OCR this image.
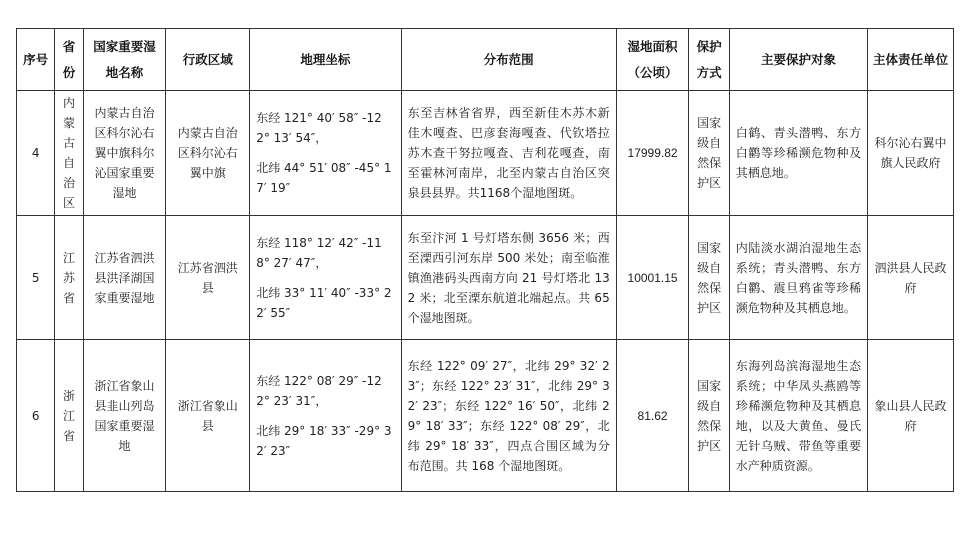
序号	省份	国家重要湿地名称	行政区域	地理坐标	分布范围	湿地面积（公顷）	保护方式	主要保护对象	主体责任单位
4	内蒙古自治区	内蒙古自治区科尔沁右翼中旗科尔沁国家重要湿地	内蒙古自治区科尔沁右翼中旗	东经 121° 40′ 58″ -122° 13′ 54″，
北纬 44° 51′ 08″ -45° 17′ 19″	东至吉林省省界，西至新佳木苏木新佳木嘎查、巴彦套海嘎查、代钦塔拉苏木查干努拉嘎查、吉利花嘎查，南至霍林河南岸，北至内蒙古自治区突泉县县界。共1168个湿地图斑。	17999.82	国家级自然保护区	白鹤、青头潜鸭、东方白鹳等珍稀濒危物种及其栖息地。	科尔沁右翼中旗人民政府
5	江苏省	江苏省泗洪县洪泽湖国家重要湿地	江苏省泗洪县	东经 118° 12′ 42″ -118° 27′ 47″，
北纬 33° 11′ 40″ -33° 22′ 55″	东至汴河 1 号灯塔东侧 3656 米；西至溧西引河东岸 500 米处；南至临淮镇渔港码头西南方向 21 号灯塔北 132 米；北至溧东航道北端起点。共 65 个湿地图斑。	10001.15	国家级自然保护区	内陆淡水湖泊湿地生态系统；青头潜鸭、东方白鹳、震旦鸦雀等珍稀濒危物种及其栖息地。	泗洪县人民政府
6	浙江省	浙江省象山县韭山列岛国家重要湿地	浙江省象山县	东经 122° 08′ 29″ -122° 23′ 31″，
北纬 29° 18′ 33″ -29° 32′ 23″	东经 122° 09′ 27″，北纬 29° 32′ 23″；东经 122° 23′ 31″，北纬 29° 32′ 23″；东经 122° 16′ 50″，北纬 29° 18′ 33″；东经 122° 08′ 29″，北纬 29° 18′ 33″，四点合围区域为分布范围。共 168 个湿地图斑。	81.62	国家级自然保护区	东海列岛滨海湿地生态系统；中华凤头燕鸥等珍稀濒危物种及其栖息地，以及大黄鱼、曼氏无针乌贼、带鱼等重要水产种质资源。	象山县人民政府
